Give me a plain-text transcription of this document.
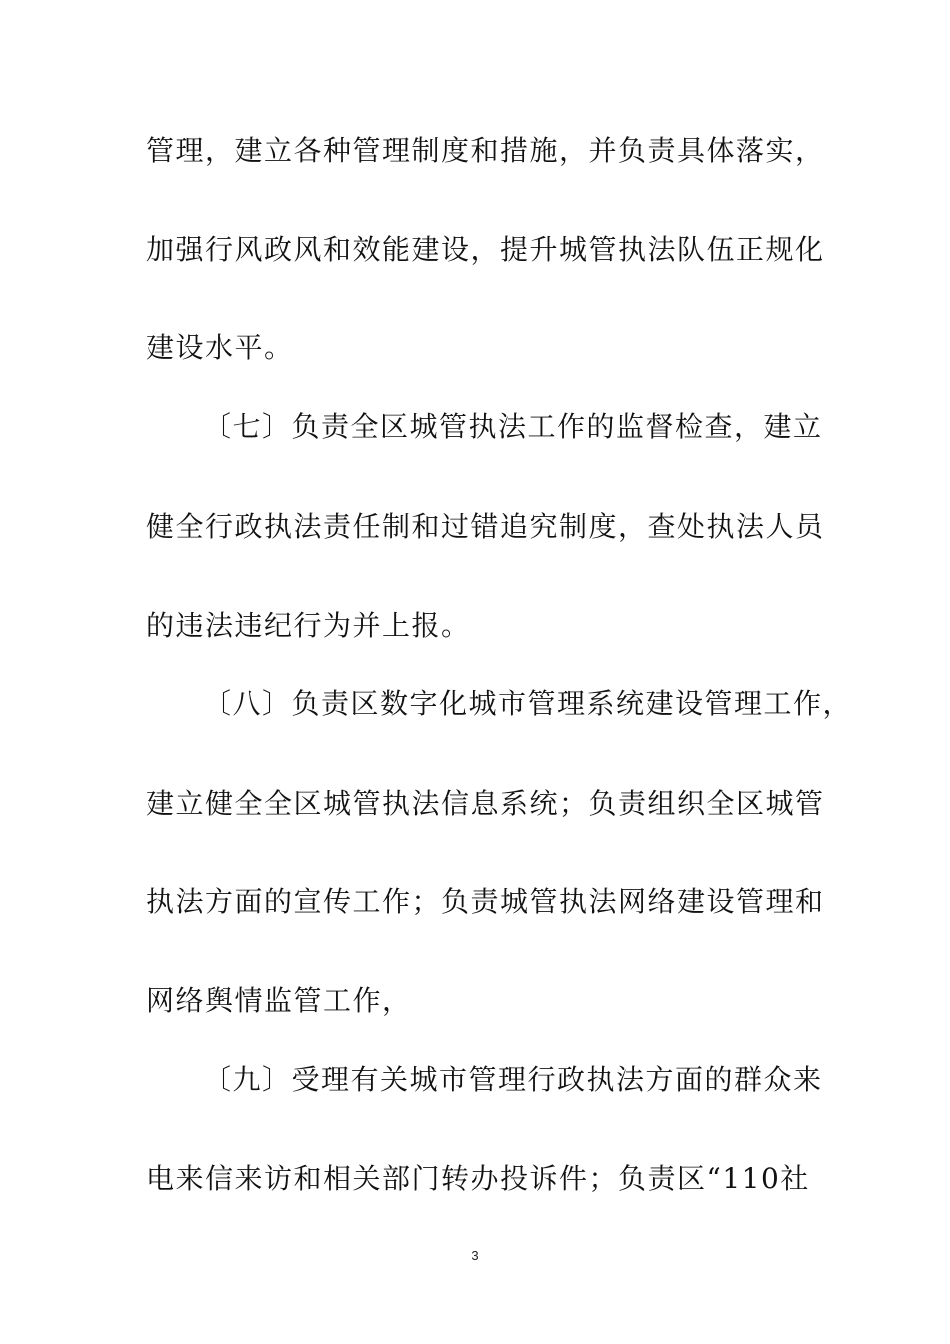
管理，建立各种管理制度和措施，并负责具体落实，
加强行风政风和效能建设，提升城管执法队伍正规化
建设水平。
〔七〕负责全区城管执法工作的监督检查，建立
健全行政执法责任制和过错追究制度，查处执法人员
的违法违纪行为并上报。
〔八〕负责区数字化城市管理系统建设管理工作，
建立健全全区城管执法信息系统；负责组织全区城管
执法方面的宣传工作；负责城管执法网络建设管理和
网络舆情监管工作，
〔九〕受理有关城市管理行政执法方面的群众来
电来信来访和相关部门转办投诉件；负责区“110社
3
